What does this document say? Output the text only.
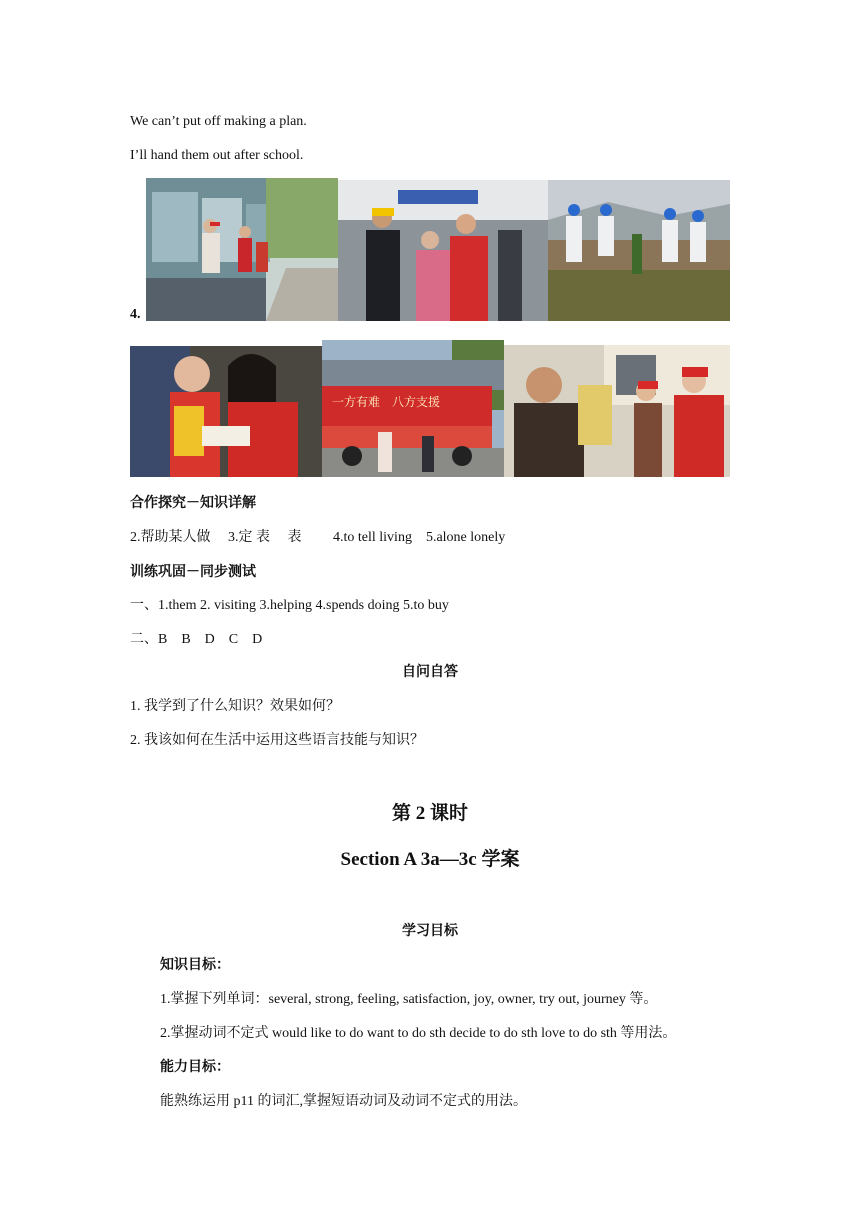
We can’t put off making a plan.
I’ll hand them out after school.
4.
一方有难　八方支援
合作探究－知识详解
2.帮助某人做　 3.定 表　 表　　 4.to tell living　5.alone lonely
训练巩固－同步测试
一、1.them 2. visiting 3.helping 4.spends doing 5.to buy
二、B　B　D　C　D
自问自答
1. 我学到了什么知识？效果如何？
2. 我该如何在生活中运用这些语言技能与知识？
第 2 课时
Section A 3a—3c 学案
学习目标
知识目标：
1.掌握下列单词：several, strong, feeling, satisfaction, joy, owner, try out, journey 等。
2.掌握动词不定式 would like to do want to do sth decide to do sth love to do sth 等用法。
能力目标：
能熟练运用 p11 的词汇,掌握短语动词及动词不定式的用法。
